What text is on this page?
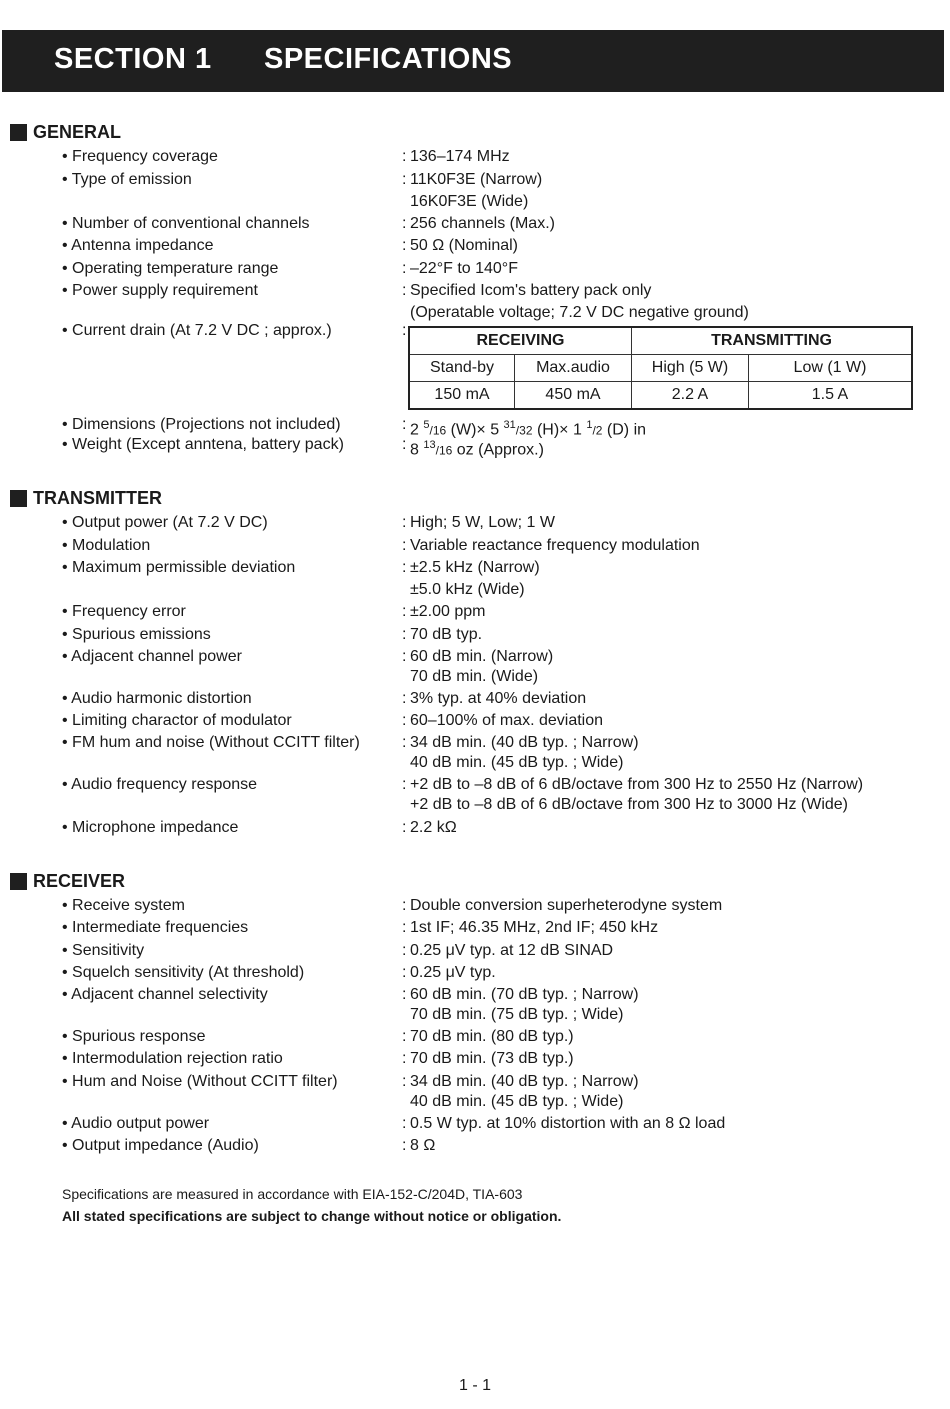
SECTION 1 SPECIFICATIONS
GENERAL
• Frequency coverage	: 136–174 MHz
• Type of emission	: 11K0F3E (Narrow)
16K0F3E (Wide)
• Number of conventional channels	: 256 channels (Max.)
• Antenna impedance	: 50 Ω (Nominal)
• Operating temperature range	: –22°F to 140°F
• Power supply requirement	: Specified Icom's battery pack only
(Operatable voltage; 7.2 V DC negative ground)
• Current drain (At 7.2 V DC ; approx.)	:
RECEIVING		TRANSMITTING	
Stand-by	Max.audio	High (5 W)	Low (1 W)
150 mA	450 mA	2.2 A	1.5 A
• Dimensions (Projections not included)	: 2 $^5$/16 (W)× 5 $^{31}$/32 (H)× 1 $^1$/2 (D) in
• Weight (Except anntena, battery pack)	: 8 $^{13}$/16 oz (Approx.)
TRANSMITTER
• Output power (At 7.2 V DC)	: High; 5 W, Low; 1 W
• Modulation	: Variable reactance frequency modulation
• Maximum permissible deviation	: ±2.5 kHz (Narrow)
±5.0 kHz (Wide)
• Frequency error	: ±2.00 ppm
• Spurious emissions	: 70 dB typ.
• Adjacent channel power	: 60 dB min. (Narrow)
70 dB min. (Wide)
• Audio harmonic distortion	: 3% typ. at 40% deviation
• Limiting charactor of modulator	: 60–100% of max. deviation
• FM hum and noise (Without CCITT filter)	: 34 dB min. (40 dB typ. ; Narrow)
40 dB min. (45 dB typ. ; Wide)
• Audio frequency response	: +2 dB to –8 dB of 6 dB/octave from 300 Hz to 2550 Hz (Narrow)
+2 dB to –8 dB of 6 dB/octave from 300 Hz to 3000 Hz (Wide)
• Microphone impedance	: 2.2 kΩ
RECEIVER
• Receive system	: Double conversion superheterodyne system
• Intermediate frequencies	: 1st IF; 46.35 MHz, 2nd IF; 450 kHz
• Sensitivity	: 0.25 μV typ. at 12 dB SINAD
• Squelch sensitivity (At threshold)	: 0.25 μV typ.
• Adjacent channel selectivity	: 60 dB min. (70 dB typ. ; Narrow)
70 dB min. (75 dB typ. ; Wide)
• Spurious response	: 70 dB min. (80 dB typ.)
• Intermodulation rejection ratio	: 70 dB min. (73 dB typ.)
• Hum and Noise (Without CCITT filter)	: 34 dB min. (40 dB typ. ; Narrow)
40 dB min. (45 dB typ. ; Wide)
• Audio output power	: 0.5 W typ. at 10% distortion with an 8 Ω load
• Output impedance (Audio)	: 8 Ω
Specifications are measured in accordance with EIA-152-C/204D, TIA-603
All stated specifications are subject to change without notice or obligation.
1 - 1
